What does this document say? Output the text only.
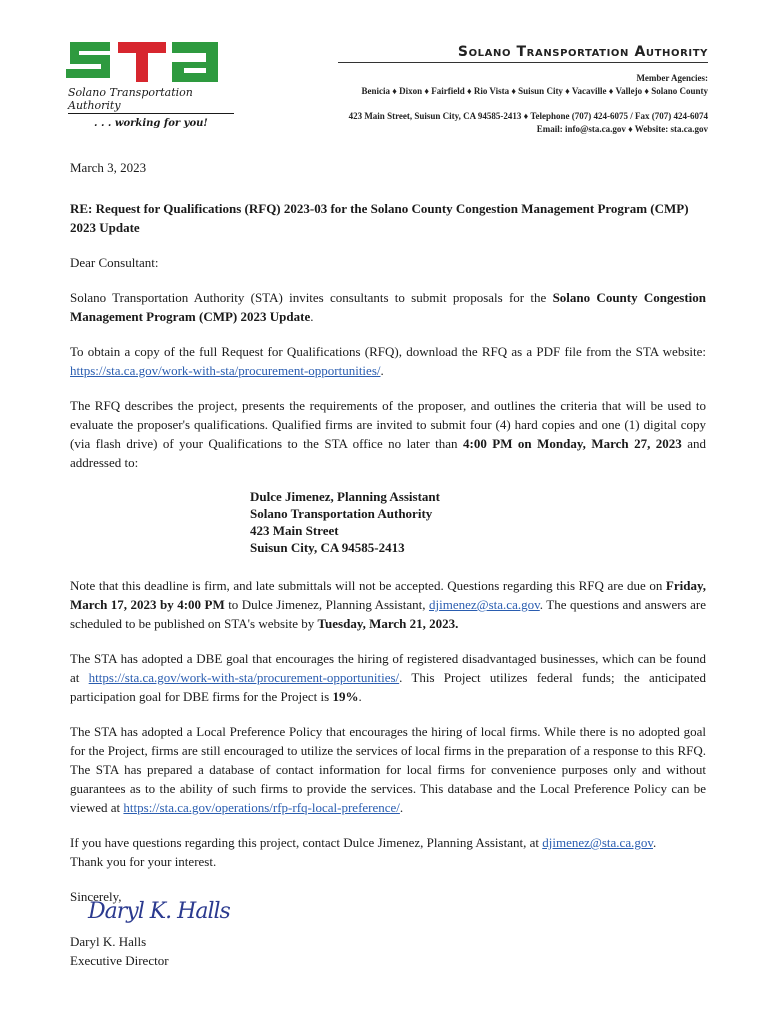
Solano Transportation Authority
. . . working for you!
Solano Transportation Authority
Member Agencies:
Benicia ♦ Dixon ♦ Fairfield ♦ Rio Vista ♦ Suisun City ♦ Vacaville ♦ Vallejo ♦ Solano County
423 Main Street, Suisun City, CA 94585-2413 ♦ Telephone (707) 424-6075 / Fax (707) 424-6074
Email: info@sta.ca.gov ♦ Website: sta.ca.gov

March 3, 2023

RE: Request for Qualifications (RFQ) 2023-03 for the Solano County Congestion Management Program (CMP) 2023 Update

Dear Consultant:

Solano Transportation Authority (STA) invites consultants to submit proposals for the Solano County Congestion Management Program (CMP) 2023 Update.

To obtain a copy of the full Request for Qualifications (RFQ), download the RFQ as a PDF file from the STA website: https://sta.ca.gov/work-with-sta/procurement-opportunities/.

The RFQ describes the project, presents the requirements of the proposer, and outlines the criteria that will be used to evaluate the proposer's qualifications. Qualified firms are invited to submit four (4) hard copies and one (1) digital copy (via flash drive) of your Qualifications to the STA office no later than 4:00 PM on Monday, March 27, 2023 and addressed to:

Dulce Jimenez, Planning Assistant
Solano Transportation Authority
423 Main Street
Suisun City, CA 94585-2413

Note that this deadline is firm, and late submittals will not be accepted. Questions regarding this RFQ are due on Friday, March 17, 2023 by 4:00 PM to Dulce Jimenez, Planning Assistant, djimenez@sta.ca.gov. The questions and answers are scheduled to be published on STA's website by Tuesday, March 21, 2023.

The STA has adopted a DBE goal that encourages the hiring of registered disadvantaged businesses, which can be found at https://sta.ca.gov/work-with-sta/procurement-opportunities/. This Project utilizes federal funds; the anticipated participation goal for DBE firms for the Project is 19%.

The STA has adopted a Local Preference Policy that encourages the hiring of local firms. While there is no adopted goal for the Project, firms are still encouraged to utilize the services of local firms in the preparation of a response to this RFQ. The STA has prepared a database of contact information for local firms for convenience purposes only and without guarantees as to the ability of such firms to provide the services. This database and the Local Preference Policy can be viewed at https://sta.ca.gov/operations/rfp-rfq-local-preference/.

If you have questions regarding this project, contact Dulce Jimenez, Planning Assistant, at djimenez@sta.ca.gov.
Thank you for your interest.

Sincerely,

Daryl K. Halls

Daryl K. Halls

Executive Director
